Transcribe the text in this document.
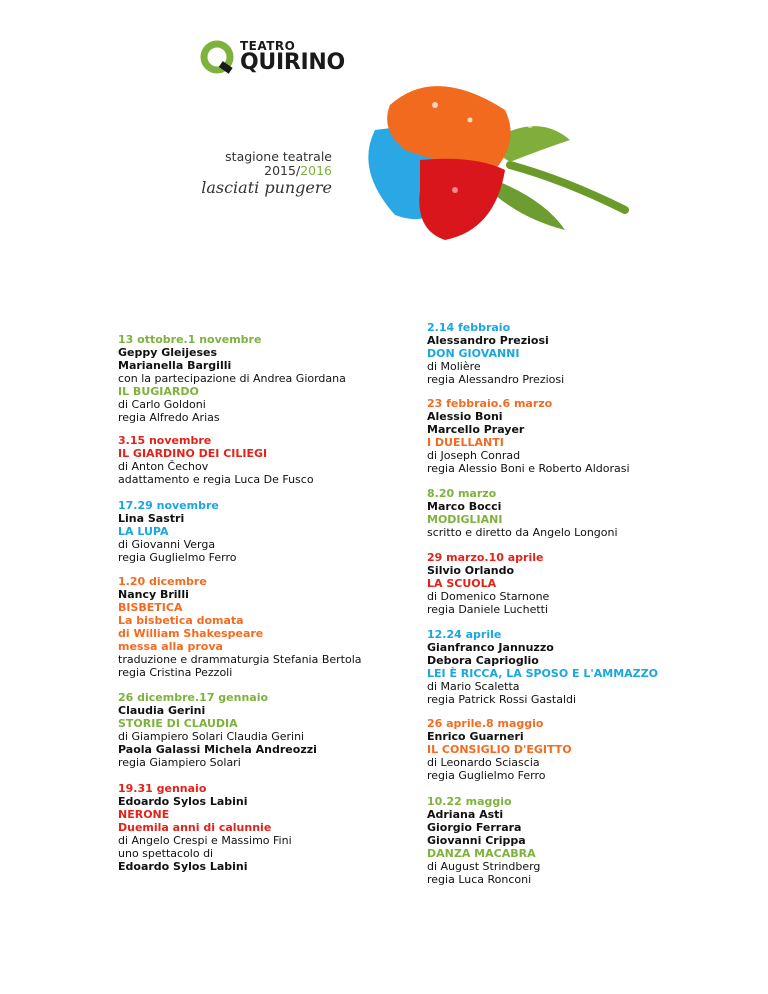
TEATRO
QUIRINO
stagione teatrale
2015/2016
lasciati pungere
13 ottobre.1 novembre
Geppy Gleijeses
Marianella Bargilli
con la partecipazione di Andrea Giordana
IL BUGIARDO
di Carlo Goldoni
regia Alfredo Arias
3.15 novembre
IL GIARDINO DEI CILIEGI
di Anton Čechov
adattamento e regia Luca De Fusco
17.29 novembre
Lina Sastri
LA LUPA
di Giovanni Verga
regia Guglielmo Ferro
1.20 dicembre
Nancy Brilli
BISBETICA
La bisbetica domata
di William Shakespeare
messa alla prova
traduzione e drammaturgia Stefania Bertola
regia Cristina Pezzoli
26 dicembre.17 gennaio
Claudia Gerini
STORIE DI CLAUDIA
di Giampiero Solari Claudia Gerini
Paola Galassi Michela Andreozzi
regia Giampiero Solari
19.31 gennaio
Edoardo Sylos Labini
NERONE
Duemila anni di calunnie
di Angelo Crespi e Massimo Fini
uno spettacolo di
Edoardo Sylos Labini
2.14 febbraio
Alessandro Preziosi
DON GIOVANNI
di Molière
regia Alessandro Preziosi
23 febbraio.6 marzo
Alessio Boni
Marcello Prayer
I DUELLANTI
di Joseph Conrad
regia Alessio Boni e Roberto Aldorasi
8.20 marzo
Marco Bocci
MODIGLIANI
scritto e diretto da Angelo Longoni
29 marzo.10 aprile
Silvio Orlando
LA SCUOLA
di Domenico Starnone
regia Daniele Luchetti
12.24 aprile
Gianfranco Jannuzzo
Debora Caprioglio
LEI È RICCA, LA SPOSO E L'AMMAZZO
di Mario Scaletta
regia Patrick Rossi Gastaldi
26 aprile.8 maggio
Enrico Guarneri
IL CONSIGLIO D'EGITTO
di Leonardo Sciascia
regia Guglielmo Ferro
10.22 maggio
Adriana Asti
Giorgio Ferrara
Giovanni Crippa
DANZA MACABRA
di August Strindberg
regia Luca Ronconi
